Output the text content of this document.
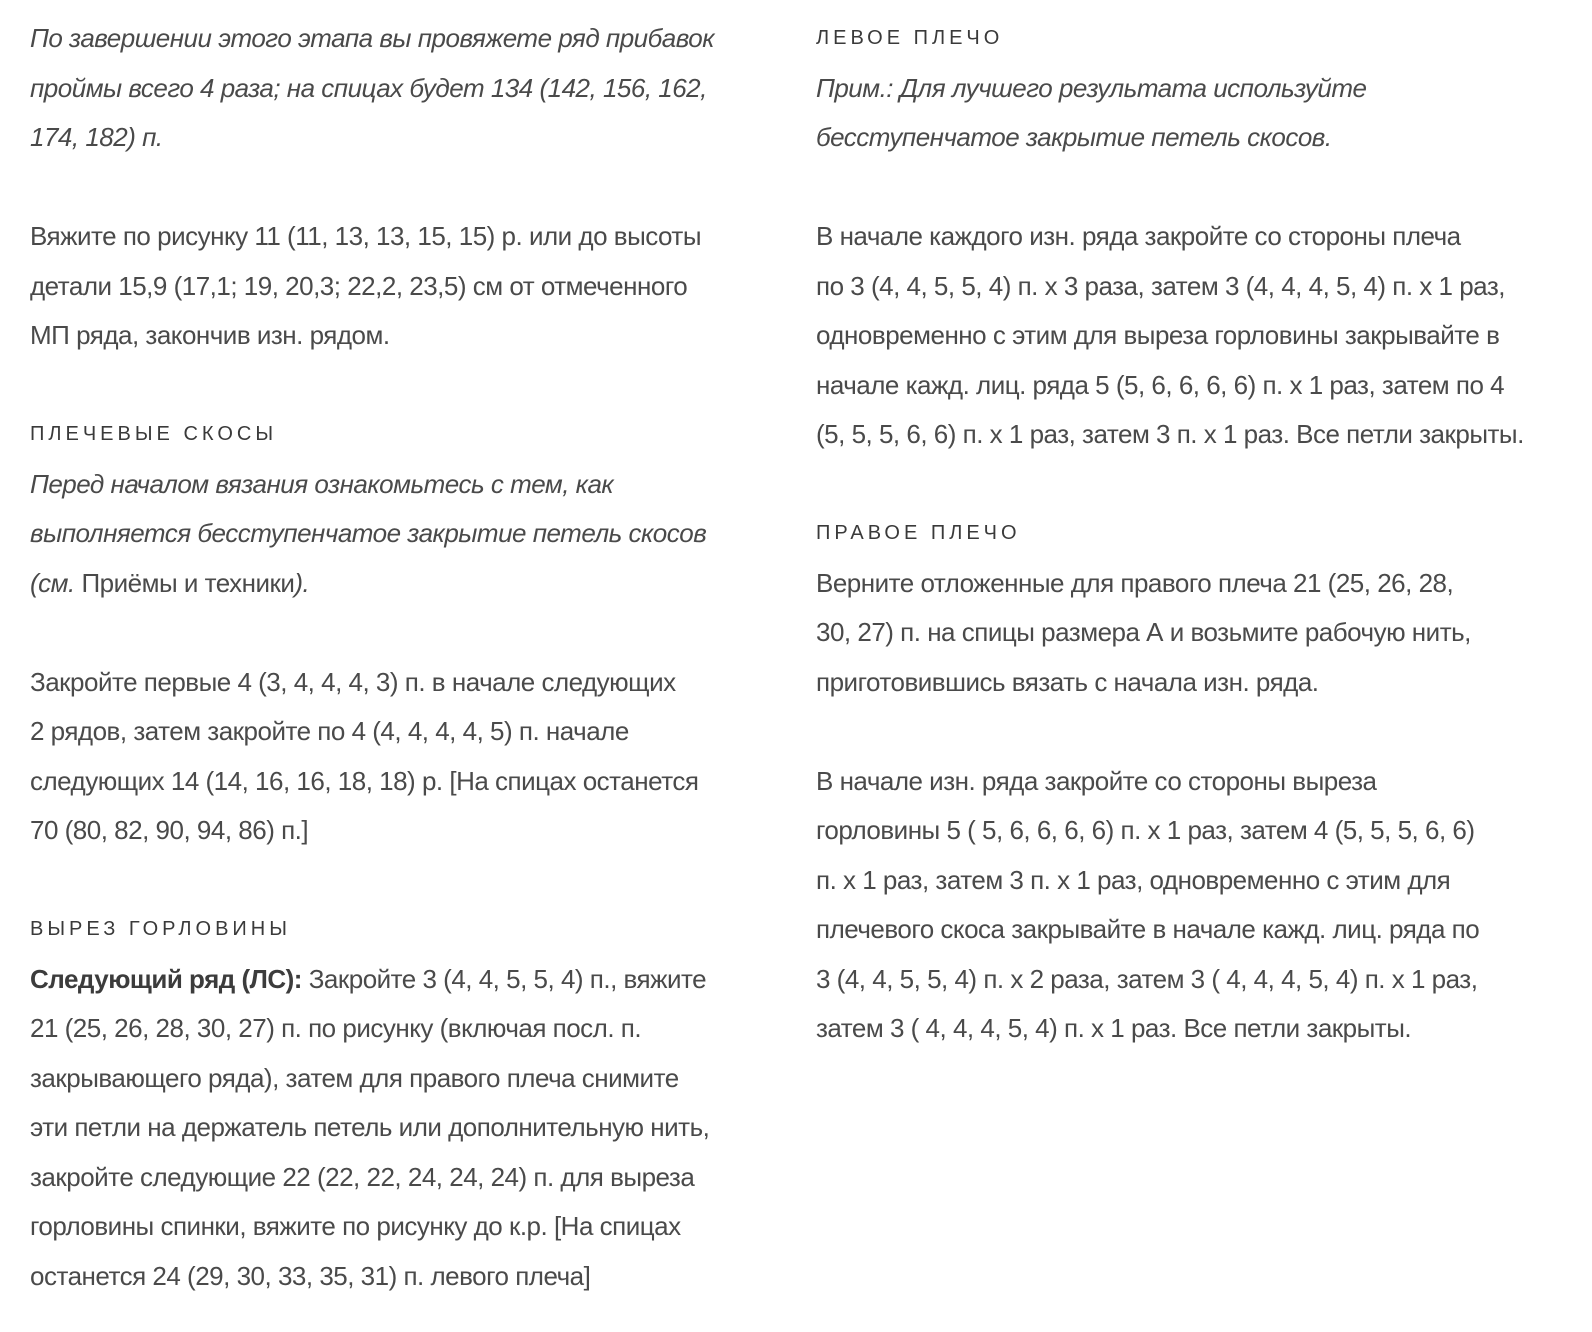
По завершении этого этапа вы провяжете ряд прибавок
проймы всего 4 раза; на спицах будет 134 (142, 156, 162,
174, 182) п.

Вяжите по рисунку 11 (11, 13, 13, 15, 15) р. или до высоты
детали 15,9 (17,1; 19, 20,3; 22,2, 23,5) см от отмеченного
МП ряда, закончив изн. рядом.

ПЛЕЧЕВЫЕ СКОСЫ

Перед началом вязания ознакомьтесь с тем, как
выполняется бесступенчатое закрытие петель скосов
(см. Приёмы и техники).

Закройте первые 4 (3, 4, 4, 4, 3) п. в начале следующих
2 рядов, затем закройте по 4 (4, 4, 4, 4, 5) п. начале
следующих 14 (14, 16, 16, 18, 18) р. [На спицах останется
70 (80, 82, 90, 94, 86) п.]

ВЫРЕЗ ГОРЛОВИНЫ

Следующий ряд (ЛС): Закройте 3 (4, 4, 5, 5, 4) п., вяжите
21 (25, 26, 28, 30, 27) п. по рисунку (включая посл. п.
закрывающего ряда), затем для правого плеча снимите
эти петли на держатель петель или дополнительную нить,
закройте следующие 22 (22, 22, 24, 24, 24) п. для выреза
горловины спинки, вяжите по рисунку до к.р. [На спицах
останется 24 (29, 30, 33, 35, 31) п. левого плеча]

ЛЕВОЕ ПЛЕЧО

Прим.: Для лучшего результата используйте
бесступенчатое закрытие петель скосов.

В начале каждого изн. ряда закройте со стороны плеча
по 3 (4, 4, 5, 5, 4) п. х 3 раза, затем 3 (4, 4, 4, 5, 4) п. х 1 раз,
одновременно с этим для выреза горловины закрывайте в
начале кажд. лиц. ряда 5 (5, 6, 6, 6, 6) п. х 1 раз, затем по 4
(5, 5, 5, 6, 6) п. х 1 раз, затем 3 п. х 1 раз. Все петли закрыты.

ПРАВОЕ ПЛЕЧО

Верните отложенные для правого плеча 21 (25, 26, 28,
30, 27) п. на спицы размера А и возьмите рабочую нить,
приготовившись вязать с начала изн. ряда.

В начале изн. ряда закройте со стороны выреза
горловины 5 ( 5, 6, 6, 6, 6) п. х 1 раз, затем 4 (5, 5, 5, 6, 6)
п. х 1 раз, затем 3 п. х 1 раз, одновременно с этим для
плечевого скоса закрывайте в начале кажд. лиц. ряда по
3 (4, 4, 5, 5, 4) п. х 2 раза, затем 3 ( 4, 4, 4, 5, 4) п. х 1 раз,
затем 3 ( 4, 4, 4, 5, 4) п. х 1 раз. Все петли закрыты.
